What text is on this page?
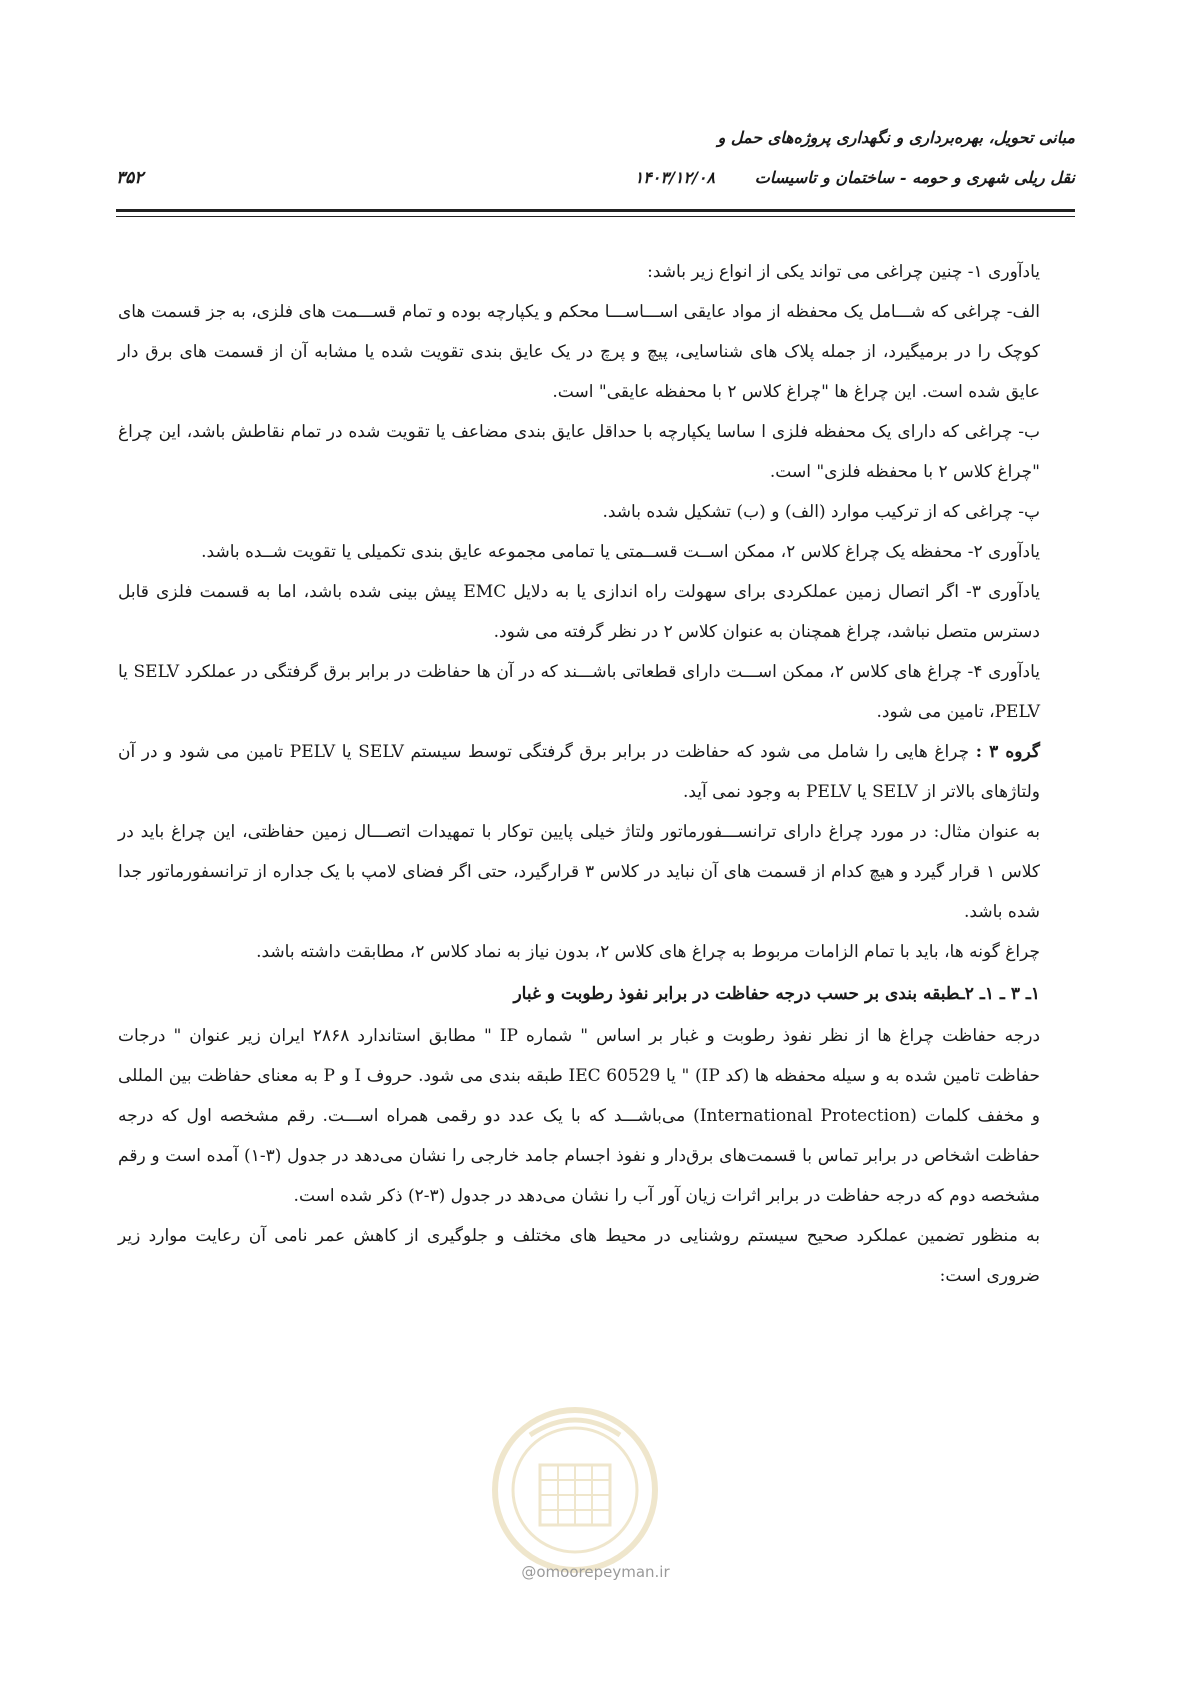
مبانی تحویل، بهره‌برداری و نگهداری پروژه‌های حمل و
نقل ریلی شهری و حومه - ساختمان و تاسیسات
۱۴۰۳/۱۲/۰۸
۳۵۲

یادآوری ۱- چنین چراغی می تواند یکی از انواع زیر باشد:

الف- چراغی که شـــامل یک محفظه از مواد عایقی اســـاســـا محکم و یکپارچه بوده و تمام قســـمت های فلزی، به جز قسمت های کوچک را در برمیگیرد، از جمله پلاک های شناسایی، پیچ و پرچ در یک عایق بندی تقویت شده یا مشابه آن از قسمت های برق دار عایق شده است. این چراغ ها "چراغ کلاس ۲ با محفظه عایقی" است.

ب- چراغی که دارای یک محفظه فلزی ا ساسا یکپارچه با حداقل عایق بندی مضاعف یا تقویت شده در تمام نقاطش باشد، این چراغ "چراغ کلاس ۲ با محفظه فلزی" است.

پ- چراغی که از ترکیب موارد (الف) و (ب) تشکیل شده باشد.

یادآوری ۲- محفظه یک چراغ کلاس ۲، ممکن اســت قســمتی یا تمامی مجموعه عایق بندی تکمیلی یا تقویت شــده باشد.

یادآوری ۳- اگر اتصال زمین عملکردی برای سهولت راه اندازی یا به دلایل EMC پیش بینی شده باشد، اما به قسمت فلزی قابل دسترس متصل نباشد، چراغ همچنان به عنوان کلاس ۲ در نظر گرفته می شود.

یادآوری ۴- چراغ های کلاس ۲، ممکن اســـت دارای قطعاتی باشـــند که در آن ها حفاظت در برابر برق گرفتگی در عملکرد SELV یا PELV، تامین می شود.

گروه ۳ : چراغ هایی را شامل می شود که حفاظت در برابر برق گرفتگی توسط سیستم SELV یا PELV تامین می شود و در آن ولتاژهای بالاتر از SELV یا PELV به وجود نمی آید.

به عنوان مثال: در مورد چراغ دارای ترانســـفورماتور ولتاژ خیلی پایین توکار با تمهیدات اتصـــال زمین حفاظتی، این چراغ باید در کلاس ۱ قرار گیرد و هیچ کدام از قسمت های آن نباید در کلاس ۳ قرارگیرد، حتی اگر فضای لامپ با یک جداره از ترانسفورماتور جدا شده باشد.

چراغ گونه ها، باید با تمام الزامات مربوط به چراغ های کلاس ۲، بدون نیاز به نماد کلاس ۲، مطابقت داشته باشد.

۱ـ ۳ ـ ۱ـ ۲ـطبقه بندی بر حسب درجه حفاظت در برابر نفوذ رطوبت و غبار

درجه حفاظت چراغ ها از نظر نفوذ رطوبت و غبار بر اساس " شماره IP " مطابق استاندارد ۲۸۶۸ ایران زیر عنوان " درجات حفاظت تامین شده به و سیله محفظه ها (کد IP) " یا IEC 60529 طبقه بندی می شود. حروف I و P به معنای حفاظت بین المللی و مخفف کلمات (International Protection) می‌باشـــد که با یک عدد دو رقمی همراه اســـت. رقم مشخصه اول که درجه حفاظت اشخاص در برابر تماس با قسمت‌های برق‌دار و نفوذ اجسام جامد خارجی را نشان می‌دهد در جدول (۳-۱) آمده است و رقم مشخصه دوم که درجه حفاظت در برابر اثرات زیان آور آب را نشان می‌دهد در جدول (۳-۲) ذکر شده است.

به منظور تضمین عملکرد صحیح سیستم روشنایی در محیط های مختلف و جلوگیری از کاهش عمر نامی آن رعایت موارد زیر ضروری است:

@omoorepeyman.ir
